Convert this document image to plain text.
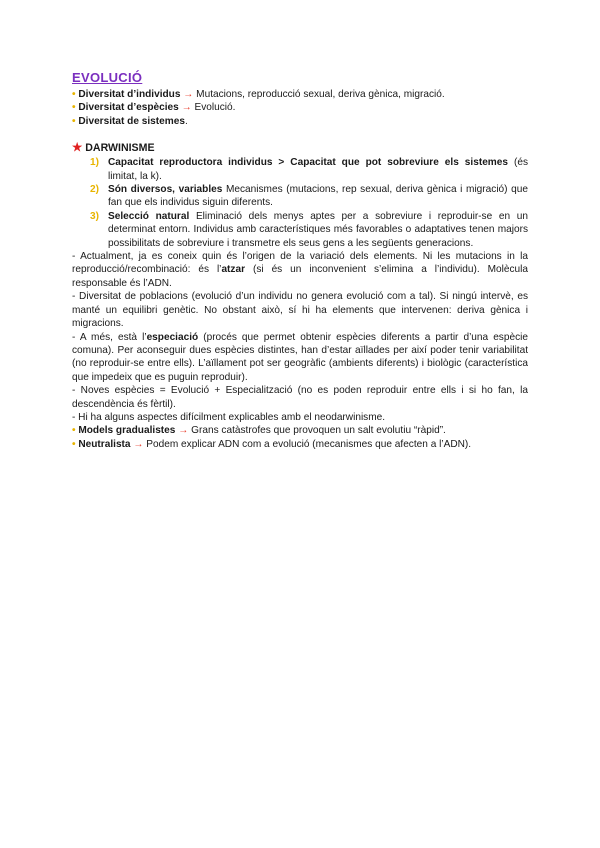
EVOLUCIÓ
• Diversitat d’individus → Mutacions, reproducció sexual, deriva gènica, migració.
• Diversitat d’espècies → Evolució.
• Diversitat de sistemes.
★ DARWINISME
1) Capacitat reproductora individus > Capacitat que pot sobreviure els sistemes (és limitat, la k).
2) Són diversos, variables Mecanismes (mutacions, rep sexual, deriva gènica i migració) que fan que els individus siguin diferents.
3) Selecció natural Eliminació dels menys aptes per a sobreviure i reproduir-se en un determinat entorn. Individus amb característiques més favorables o adaptatives tenen majors possibilitats de sobreviure i transmetre els seus gens a les següents generacions.

- Actualment, ja es coneix quin és l’origen de la variació dels elements. Ni les mutacions in la reproducció/recombinació: és l’atzar (si és un inconvenient s’elimina a l’individu). Molècula responsable és l’ADN.

- Diversitat de poblacions (evolució d’un individu no genera evolució com a tal). Si ningú intervè, es manté un equilibri genètic. No obstant això, sí hi ha elements que intervenen: deriva gènica i migracions.

- A més, està l’especiació (procés que permet obtenir espècies diferents a partir d’una espècie comuna). Per aconseguir dues espècies distintes, han d’estar aïllades per així poder tenir variabilitat (no reproduir-se entre ells). L’aïllament pot ser geogràfic (ambients diferents) i biològic (característica que impedeix que es puguin reproduir).

- Noves espècies = Evolució + Especialització (no es poden reproduir entre ells i si ho fan, la descendència és fèrtil).

- Hi ha alguns aspectes difícilment explicables amb el neodarwinisme.

• Models gradualistes → Grans catàstrofes que provoquen un salt evolutiu “ràpid”.
• Neutralista → Podem explicar ADN com a evolució (mecanismes que afecten a l’ADN).
